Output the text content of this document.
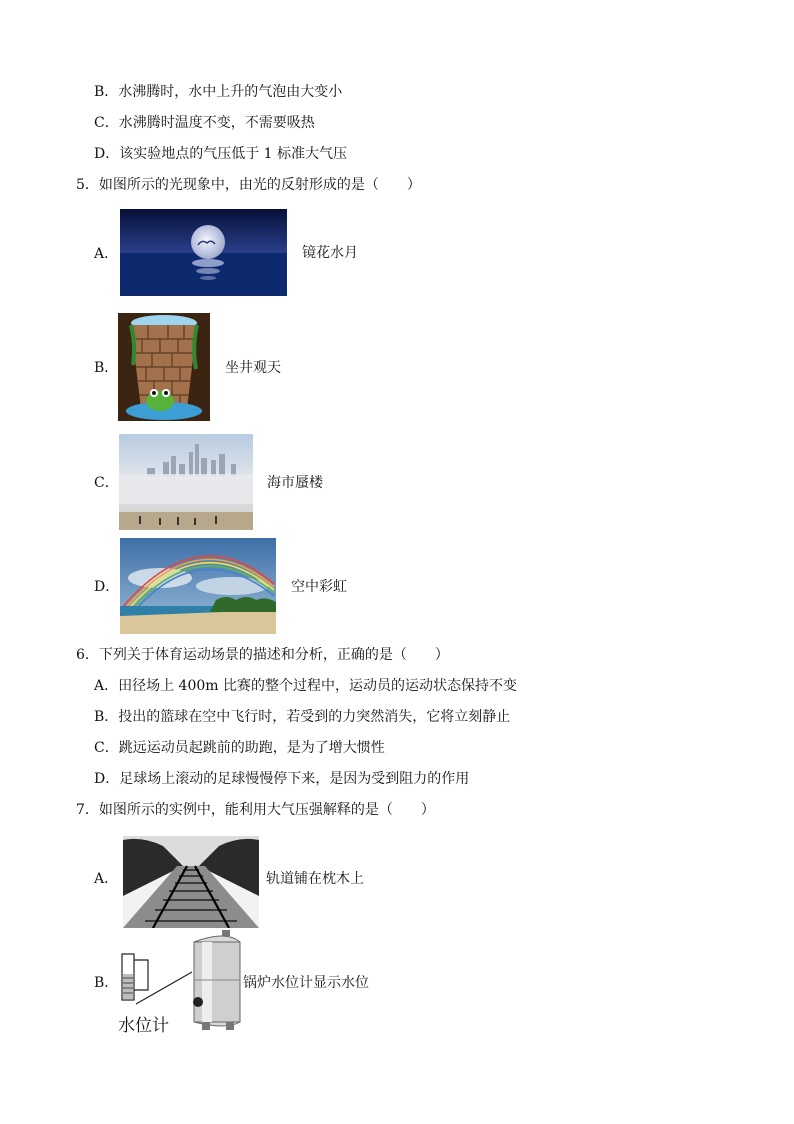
B．水沸腾时，水中上升的气泡由大变小
C．水沸腾时温度不变，不需要吸热
D．该实验地点的气压低于 1 标准大气压
5．如图所示的光现象中，由光的反射形成的是（　　）
A．	镜花水月
B．	坐井观天
C．	海市蜃楼
D．	空中彩虹
6．下列关于体育运动场景的描述和分析，正确的是（　　）
A．田径场上 400m 比赛的整个过程中，运动员的运动状态保持不变
B．投出的篮球在空中飞行时，若受到的力突然消失，它将立刻静止
C．跳远运动员起跳前的助跑，是为了增大惯性
D．足球场上滚动的足球慢慢停下来，是因为受到阻力的作用
7．如图所示的实例中，能利用大气压强解释的是（　　）
A．	轨道铺在枕木上
B．	锅炉水位计显示水位
水位计
